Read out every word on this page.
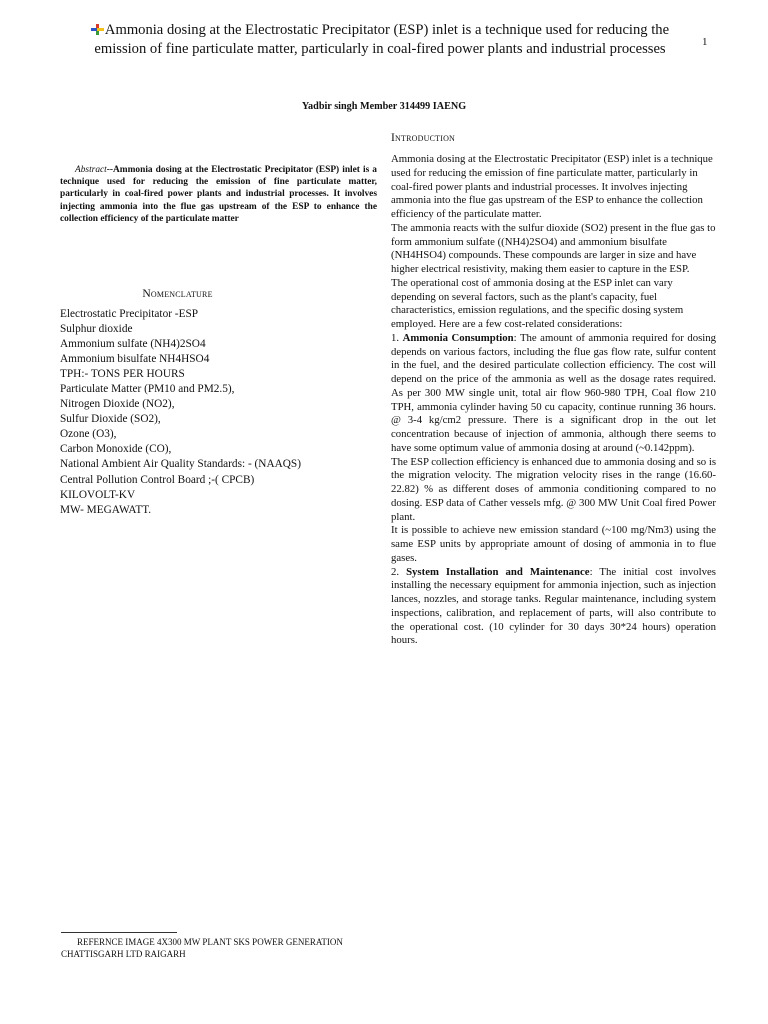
1
Ammonia dosing at the Electrostatic Precipitator (ESP) inlet is a technique used for reducing the emission of fine particulate matter, particularly in coal-fired power plants and industrial processes
Yadbir singh Member 314499 IAENG
Abstract--Ammonia dosing at the Electrostatic Precipitator (ESP) inlet is a technique used for reducing the emission of fine particulate matter, particularly in coal-fired power plants and industrial processes. It involves injecting ammonia into the flue gas upstream of the ESP to enhance the collection efficiency of the particulate matter
Nomenclature
Electrostatic Precipitator -ESP
Sulphur dioxide
Ammonium sulfate (NH4)2SO4
Ammonium bisulfate NH4HSO4
TPH:- TONS PER HOURS
Particulate Matter (PM10 and PM2.5),
Nitrogen Dioxide (NO2),
Sulfur Dioxide (SO2),
Ozone (O3),
Carbon Monoxide (CO),
National Ambient Air Quality Standards: - (NAAQS)
Central Pollution Control Board ;-( CPCB)
KILOVOLT-KV
MW- MEGAWATT.
Introduction

Ammonia dosing at the Electrostatic Precipitator (ESP) inlet is a technique used for reducing the emission of fine particulate matter, particularly in coal-fired power plants and industrial processes. It involves injecting ammonia into the flue gas upstream of the ESP to enhance the collection efficiency of the particulate matter.

The ammonia reacts with the sulfur dioxide (SO2) present in the flue gas to form ammonium sulfate ((NH4)2SO4) and ammonium bisulfate (NH4HSO4) compounds. These compounds are larger in size and have higher electrical resistivity, making them easier to capture in the ESP.

The operational cost of ammonia dosing at the ESP inlet can vary depending on several factors, such as the plant's capacity, fuel characteristics, emission regulations, and the specific dosing system employed. Here are a few cost-related considerations:

1. Ammonia Consumption: The amount of ammonia required for dosing depends on various factors, including the flue gas flow rate, sulfur content in the fuel, and the desired particulate collection efficiency. The cost will depend on the price of the ammonia as well as the dosage rates required. As per 300 MW single unit, total air flow 960-980 TPH, Coal flow 210 TPH, ammonia cylinder having 50 cu capacity, continue running 36 hours. @ 3-4 kg/cm2 pressure. There is a significant drop in the out let concentration because of injection of ammonia, although there seems to have some optimum value of ammonia dosing at around (~0.142ppm).

The ESP collection efficiency is enhanced due to ammonia dosing and so is the migration velocity. The migration velocity rises in the range (16.60-22.82) % as different doses of ammonia conditioning compared to no dosing. ESP data of Cather vessels mfg. @ 300 MW Unit Coal fired Power plant.

It is possible to achieve new emission standard (~100 mg/Nm3) using the same ESP units by appropriate amount of dosing of ammonia in to flue gases.

2. System Installation and Maintenance: The initial cost involves installing the necessary equipment for ammonia injection, such as injection lances, nozzles, and storage tanks. Regular maintenance, including system inspections, calibration, and replacement of parts, will also contribute to the operational cost. (10 cylinder for 30 days 30*24 hours) operation hours.

REFERNCE IMAGE 4X300 MW PLANT SKS POWER GENERATION CHATTISGARH LTD RAIGARH
